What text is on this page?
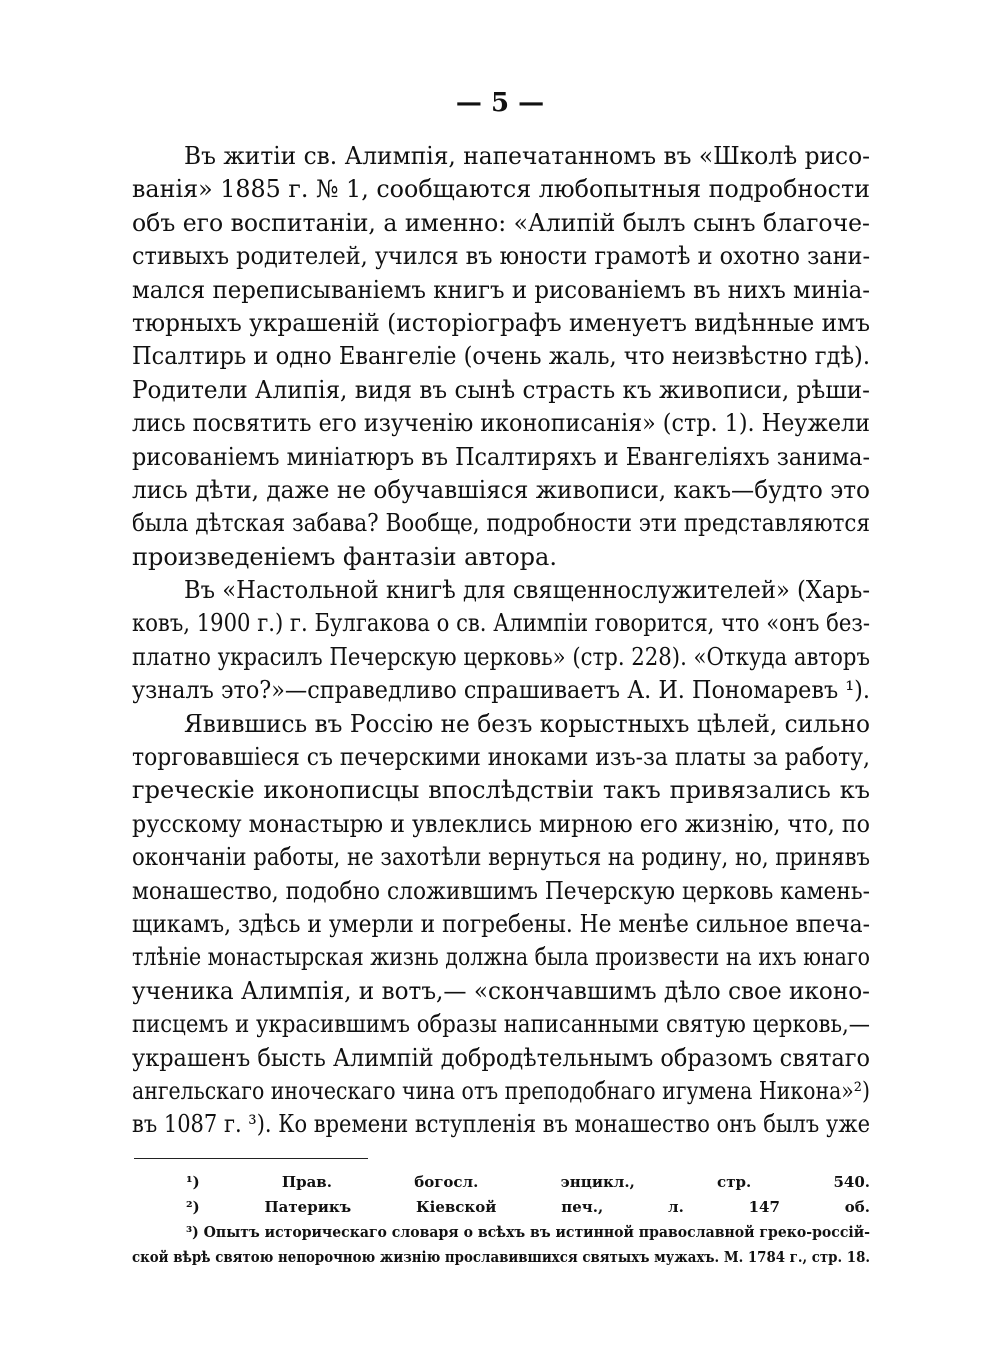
— 5 —
Въ житіи св. Алимпія, напечатанномъ въ «Школѣ рисо-
ванія» 1885 г. № 1, сообщаются любопытныя подробности
объ его воспитаніи, а именно: «Алипій былъ сынъ благоче-
стивыхъ родителей, учился въ юности грамотѣ и охотно зани-
мался переписываніемъ книгъ и рисованіемъ въ нихъ миніа-
тюрныхъ украшеній (исторіографъ именуетъ видѣнные имъ
Псалтирь и одно Евангеліе (очень жаль, что неизвѣстно гдѣ).
Родители Алипія, видя въ сынѣ страсть къ живописи, рѣши-
лись посвятить его изученію иконописанія» (стр. 1). Неужели
рисованіемъ миніатюръ въ Псалтиряхъ и Евангеліяхъ занима-
лись дѣти, даже не обучавшіяся живописи, какъ—будто это
была дѣтская забава? Вообще, подробности эти представляются
произведеніемъ фантазіи автора.
Въ «Настольной книгѣ для священнослужителей» (Харь-
ковъ, 1900 г.) г. Булгакова о св. Алимпіи говорится, что «онъ без-
платно украсилъ Печерскую церковь» (стр. 228). «Откуда авторъ
узналъ это?»—справедливо спрашиваетъ А. И. Пономаревъ ¹).
Явившись въ Россію не безъ корыстныхъ цѣлей, сильно
торговавшіеся съ печерскими иноками изъ-за платы за работу,
греческіе иконописцы впослѣдствіи такъ привязались къ
русскому монастырю и увлеклись мирною его жизнію, что, по
окончаніи работы, не захотѣли вернуться на родину, но, принявъ
монашество, подобно сложившимъ Печерскую церковь камень-
щикамъ, здѣсь и умерли и погребены. Не менѣе сильное впеча-
тлѣніе монастырская жизнь должна была произвести на ихъ юнаго
ученика Алимпія, и вотъ,— «скончавшимъ дѣло свое иконо-
писцемъ и украсившимъ образы написанными святую церковь,—
украшенъ бысть Алимпій добродѣтельнымъ образомъ святаго
ангельскаго иноческаго чина отъ преподобнаго игумена Никона»²)
въ 1087 г. ³). Ко времени вступленія въ монашество онъ былъ уже
¹) Прав. богосл. энцикл., стр. 540.
²) Патерикъ Кіевской печ., л. 147 об.
³) Опытъ историческаго словаря о всѣхъ въ истинной православной греко-россій-
ской вѣрѣ святою непорочною жизнію прославившихся святыхъ мужахъ. М. 1784 г., стр. 18.
